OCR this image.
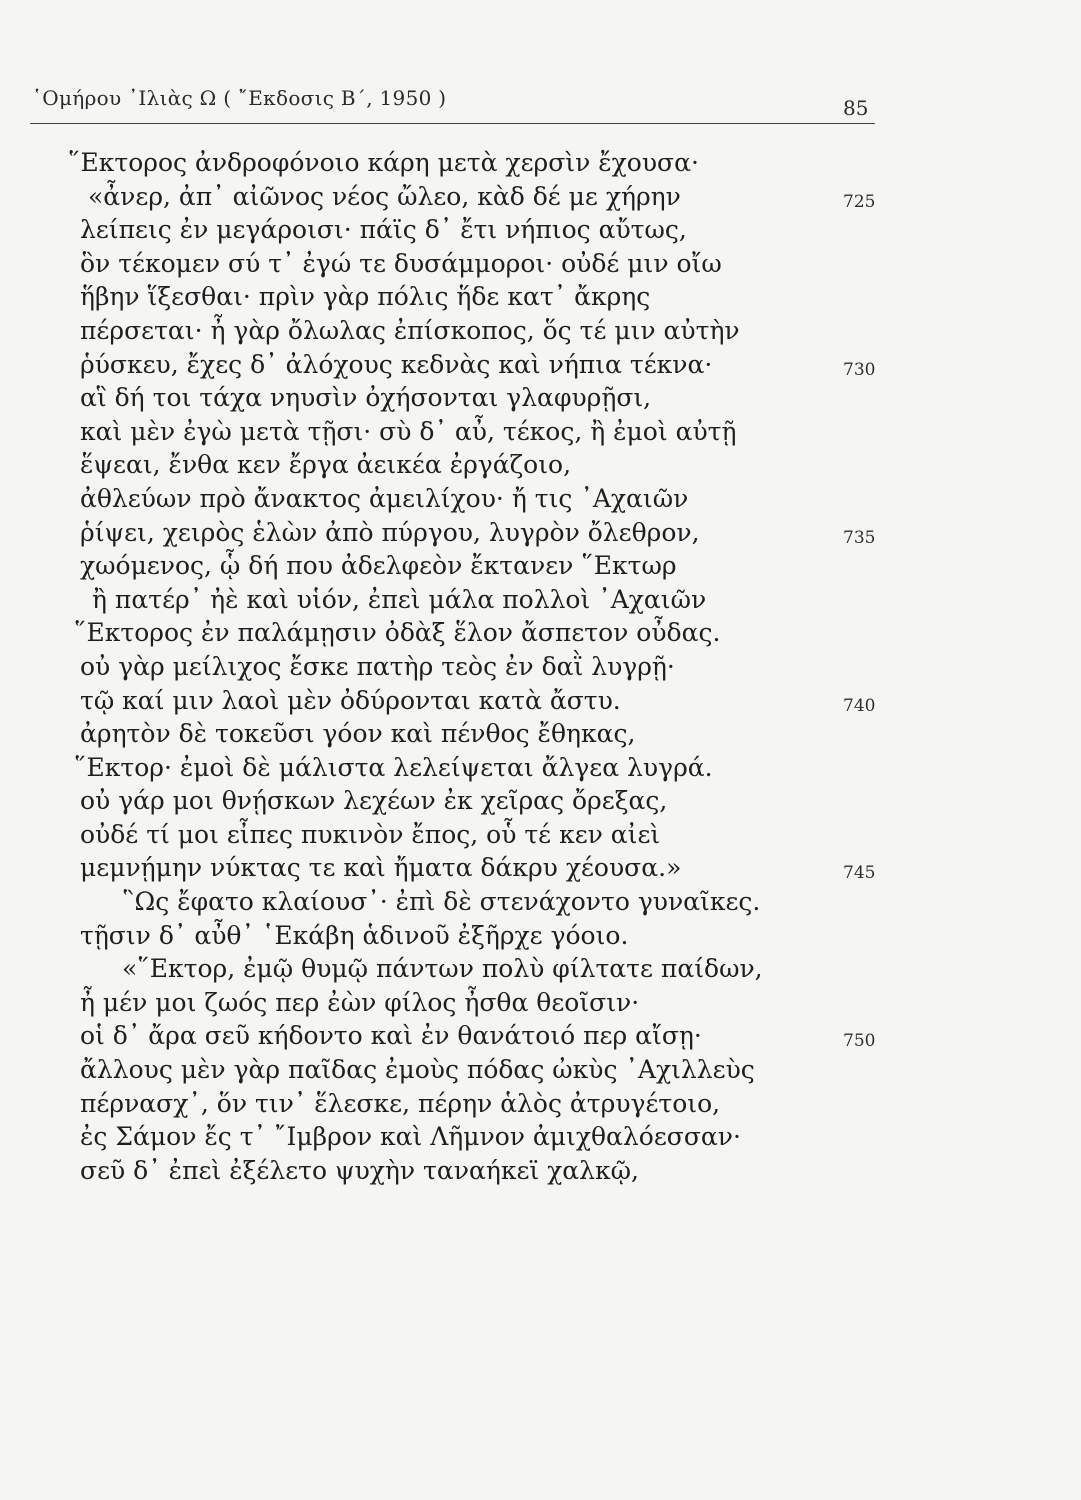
῾Ομήρου ᾿Ιλιὰς Ω ( ῎Εκδοσις Β΄, 1950 )	85
῞Εκτορος ἀνδροφόνοιο κάρη μετὰ χερσὶν ἔχουσα·
«ἆνερ, ἀπ᾿ αἰῶνος νέος ὤλεο, κὰδ δέ με χήρην	725
λείπεις ἐν μεγάροισι· πάϊς δ᾿ ἔτι νήπιος αὔτως,
ὃν τέκομεν σύ τ᾿ ἐγώ τε δυσάμμοροι· οὐδέ μιν οἴω
ἥβην ἵξεσθαι· πρὶν γὰρ πόλις ἥδε κατ᾿ ἄκρης
πέρσεται· ἦ γὰρ ὄλωλας ἐπίσκοπος, ὅς τέ μιν αὐτὴν
ῥύσκευ, ἔχες δ᾿ ἀλόχους κεδνὰς καὶ νήπια τέκνα·	730
αἳ δή τοι τάχα νηυσὶν ὀχήσονται γλαφυρῇσι,
καὶ μὲν ἐγὼ μετὰ τῇσι· σὺ δ᾿ αὖ, τέκος, ἢ ἐμοὶ αὐτῇ
ἕψεαι, ἔνθα κεν ἔργα ἀεικέα ἐργάζοιο,
ἀθλεύων πρὸ ἄνακτος ἀμειλίχου· ἤ τις ᾿Αχαιῶν
ῥίψει, χειρὸς ἑλὼν ἀπὸ πύργου, λυγρὸν ὄλεθρον,	735
χωόμενος, ᾧ δή που ἀδελφεὸν ἔκτανεν ῞Εκτωρ
ἢ πατέρ᾿ ἠὲ καὶ υἱόν, ἐπεὶ μάλα πολλοὶ ᾿Αχαιῶν
῞Εκτορος ἐν παλάμῃσιν ὀδὰξ ἕλον ἄσπετον οὖδας.
οὐ γὰρ μείλιχος ἔσκε πατὴρ τεὸς ἐν δαῒ λυγρῇ·
τῷ καί μιν λαοὶ μὲν ὀδύρονται κατὰ ἄστυ.	740
ἀρητὸν δὲ τοκεῦσι γόον καὶ πένθος ἔθηκας,
῞Εκτορ· ἐμοὶ δὲ μάλιστα λελείψεται ἄλγεα λυγρά.
οὐ γάρ μοι θνῄσκων λεχέων ἐκ χεῖρας ὄρεξας,
οὐδέ τί μοι εἶπες πυκινὸν ἔπος, οὗ τέ κεν αἰεὶ
μεμνῄμην νύκτας τε καὶ ἤματα δάκρυ χέουσα.»	745
῝Ως ἔφατο κλαίουσ᾿· ἐπὶ δὲ στενάχοντο γυναῖκες.
τῇσιν δ᾿ αὖθ᾿ ῾Εκάβη ἁδινοῦ ἐξῆρχε γόοιο.
«῞Εκτορ, ἐμῷ θυμῷ πάντων πολὺ φίλτατε παίδων,
ἦ μέν μοι ζωός περ ἐὼν φίλος ἦσθα θεοῖσιν·
οἱ δ᾿ ἄρα σεῦ κήδοντο καὶ ἐν θανάτοιό περ αἴσῃ·	750
ἄλλους μὲν γὰρ παῖδας ἐμοὺς πόδας ὠκὺς ᾿Αχιλλεὺς
πέρνασχ᾿, ὅν τιν᾿ ἕλεσκε, πέρην ἁλὸς ἀτρυγέτοιο,
ἐς Σάμον ἔς τ᾿ ῎Ιμβρον καὶ Λῆμνον ἀμιχθαλόεσσαν·
σεῦ δ᾿ ἐπεὶ ἐξέλετο ψυχὴν ταναήκεϊ χαλκῷ,
